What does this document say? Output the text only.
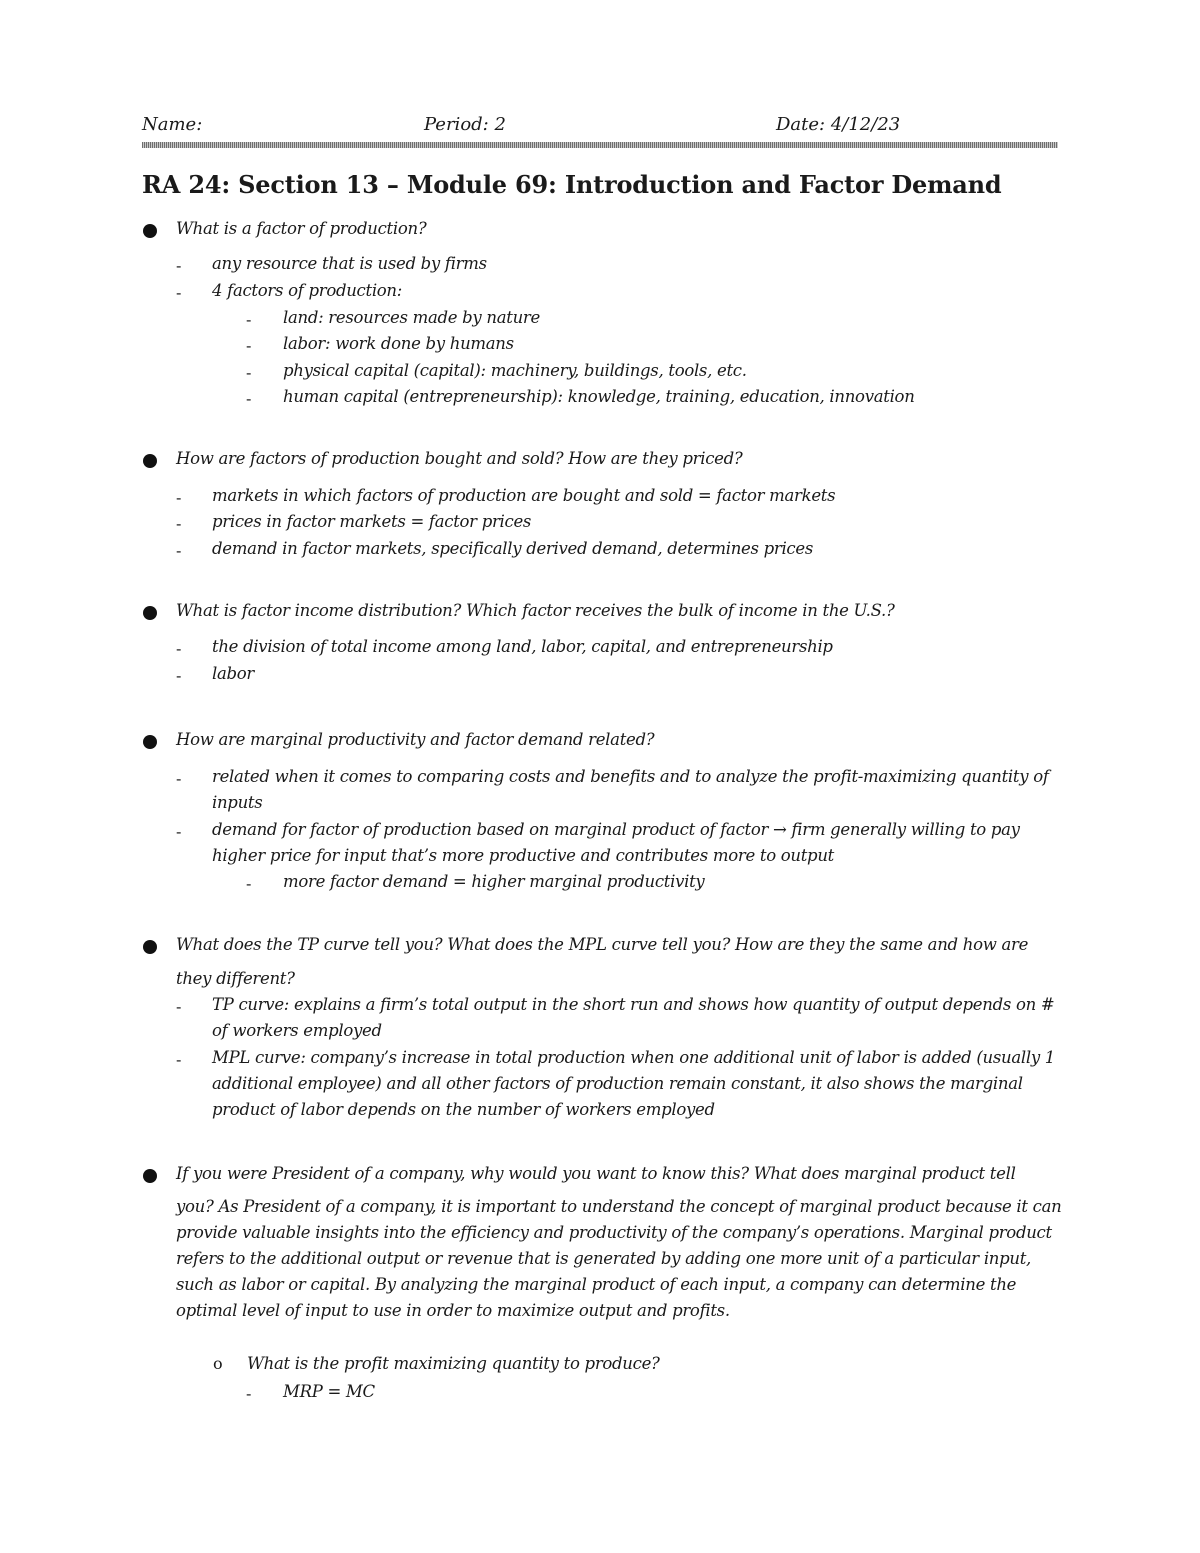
Name:	Period: 2	Date: 4/12/23
RA 24: Section 13 – Module 69: Introduction and Factor Demand
What is a factor of production?
- any resource that is used by firms
- 4 factors of production:
- land: resources made by nature
- labor: work done by humans
- physical capital (capital): machinery, buildings, tools, etc.
- human capital (entrepreneurship): knowledge, training, education, innovation
How are factors of production bought and sold? How are they priced?
- markets in which factors of production are bought and sold = factor markets
- prices in factor markets = factor prices
- demand in factor markets, specifically derived demand, determines prices
What is factor income distribution? Which factor receives the bulk of income in the U.S.?
- the division of total income among land, labor, capital, and entrepreneurship
- labor
How are marginal productivity and factor demand related?
- related when it comes to comparing costs and benefits and to analyze the profit-maximizing quantity of
inputs
- demand for factor of production based on marginal product of factor → firm generally willing to pay
higher price for input that’s more productive and contributes more to output
- more factor demand = higher marginal productivity
What does the TP curve tell you? What does the MPL curve tell you? How are they the same and how are
they different?
- TP curve: explains a firm’s total output in the short run and shows how quantity of output depends on #
of workers employed
- MPL curve: company’s increase in total production when one additional unit of labor is added (usually 1
additional employee) and all other factors of production remain constant, it also shows the marginal
product of labor depends on the number of workers employed
If you were President of a company, why would you want to know this? What does marginal product tell
you? As President of a company, it is important to understand the concept of marginal product because it can
provide valuable insights into the efficiency and productivity of the company’s operations. Marginal product
refers to the additional output or revenue that is generated by adding one more unit of a particular input,
such as labor or capital. By analyzing the marginal product of each input, a company can determine the
optimal level of input to use in order to maximize output and profits.
o What is the profit maximizing quantity to produce?
- MRP = MC
